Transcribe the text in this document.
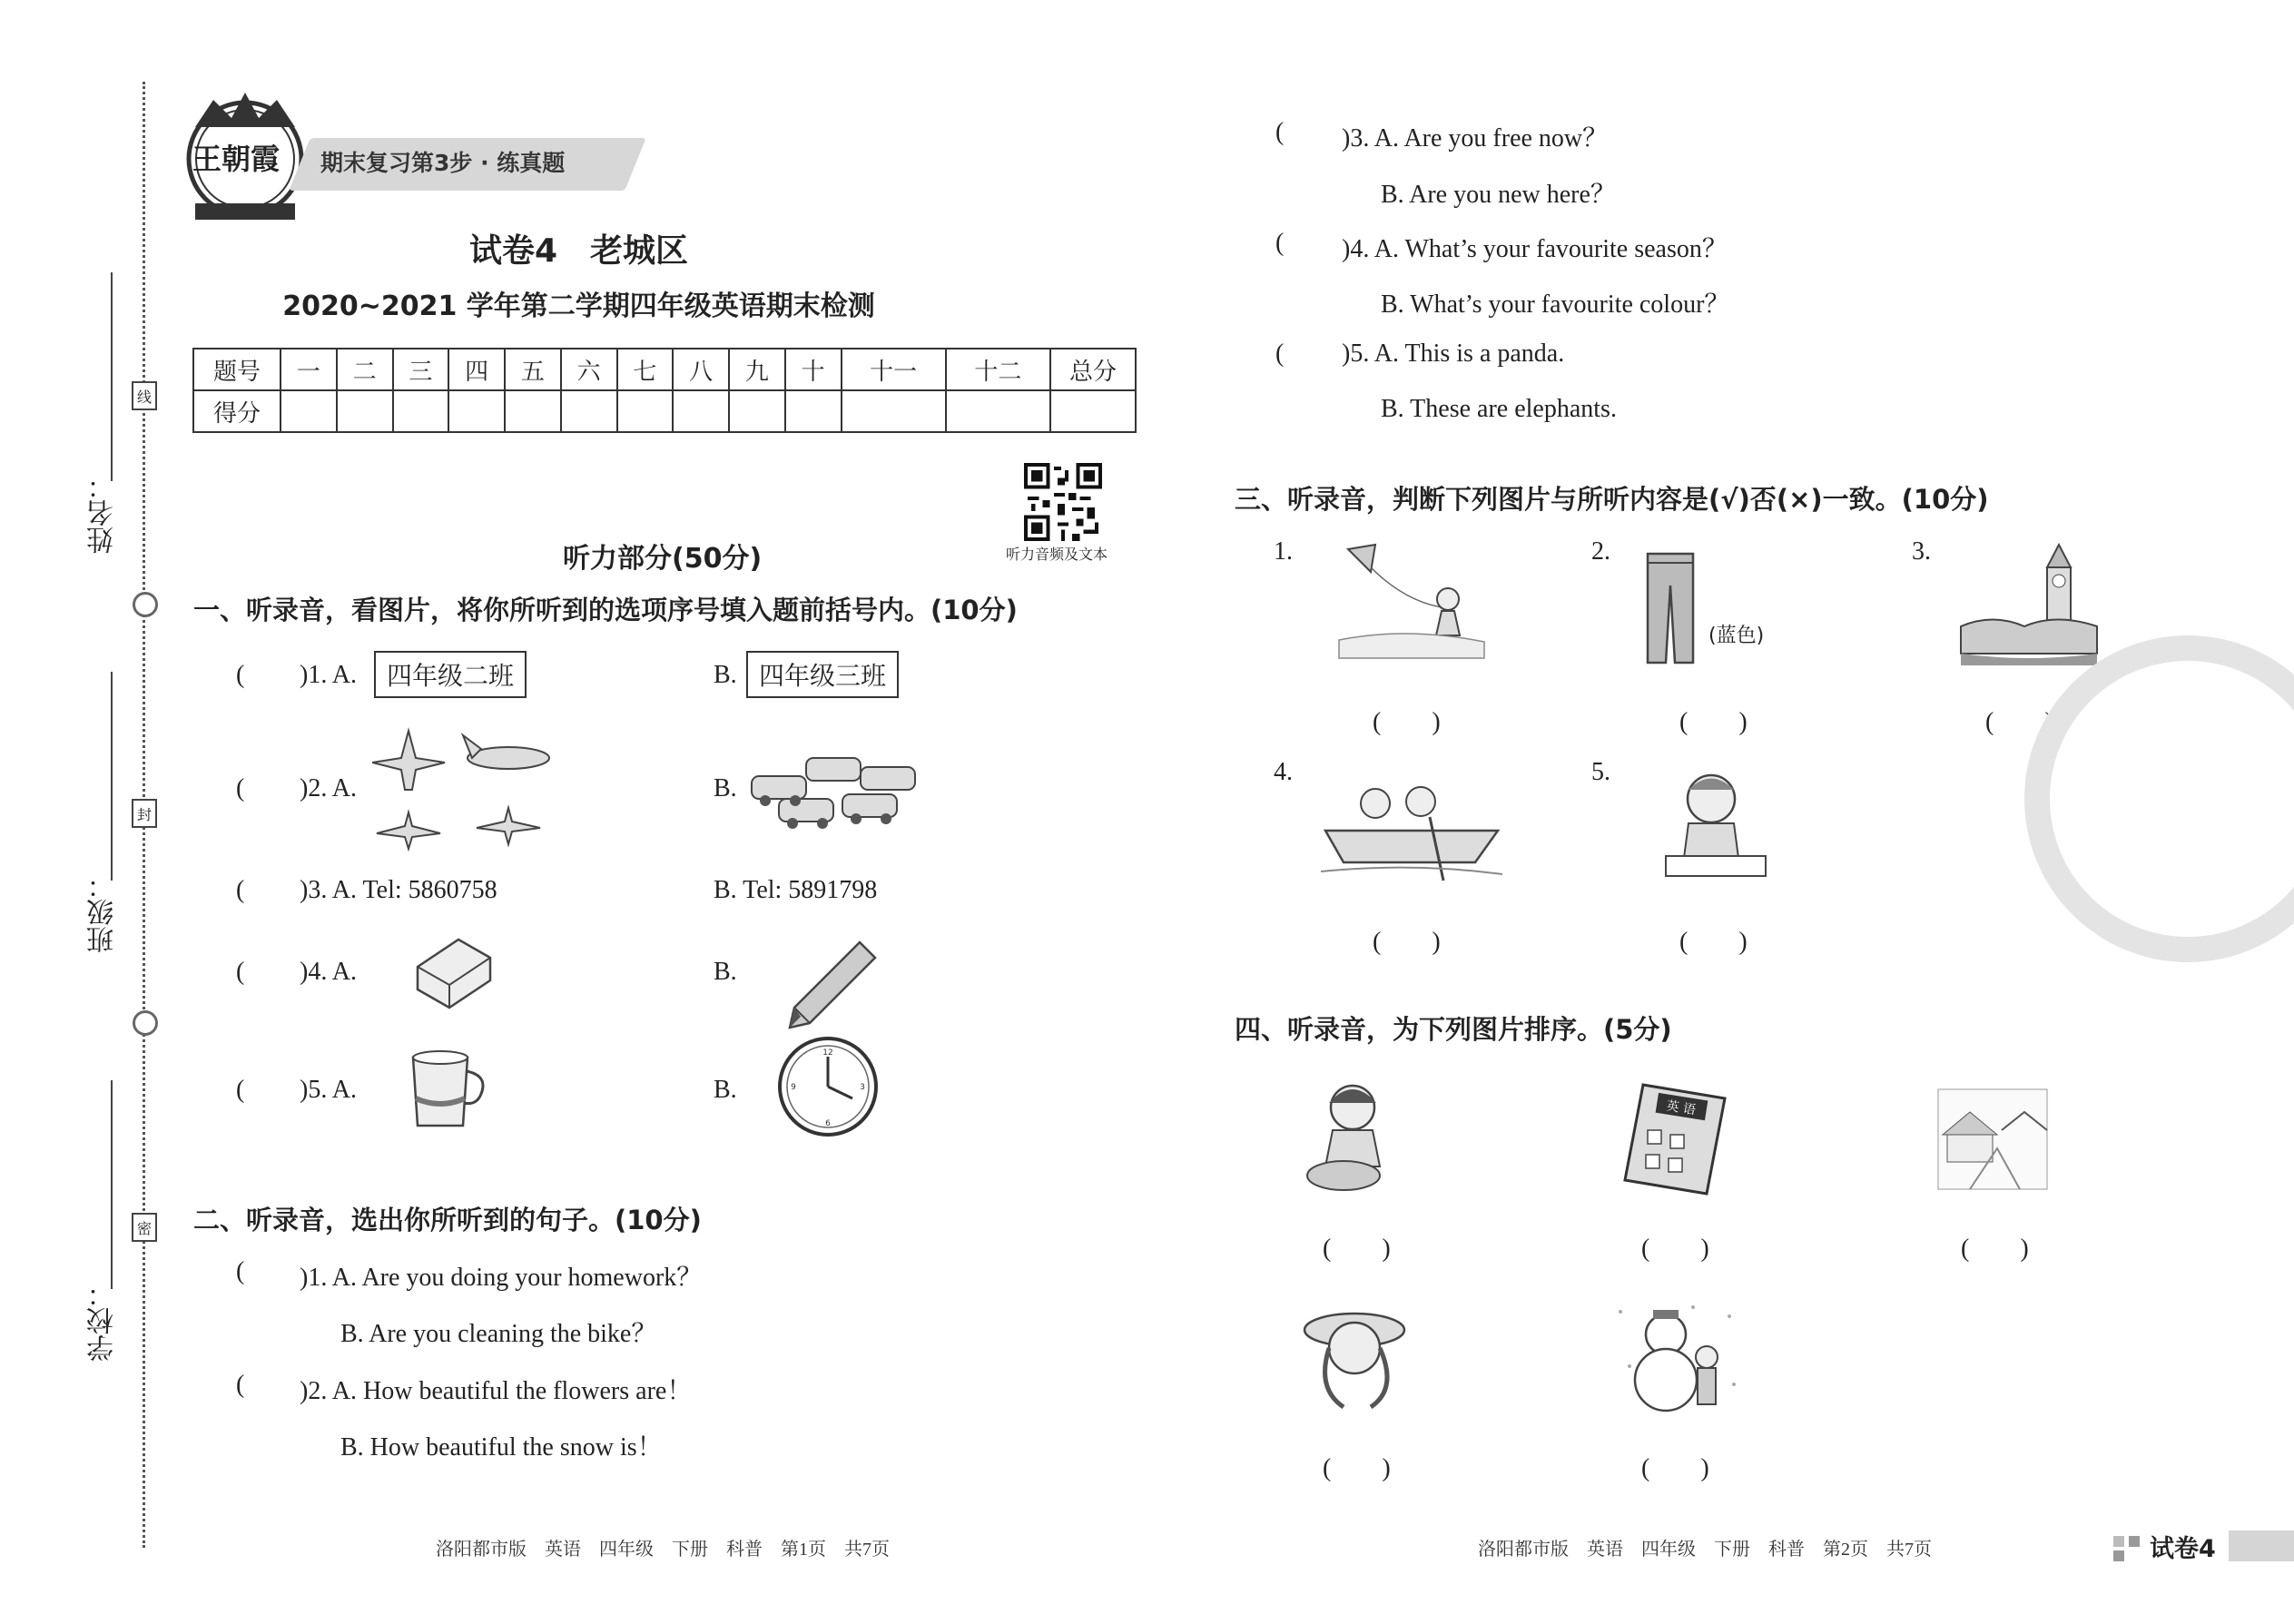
姓名：
班级：
学校：
线
封
密
王朝霞 期末复习第3步 · 练真题
试卷4　老城区
2020~2021 学年第二学期四年级英语期末检测
题号	一	二	三	四	五	六	七	八	九	十	十一	十二	总分
得分													
听力音频及文本
听力部分(50分)
一、听录音，看图片，将你所听到的选项序号填入题前括号内。(10分)
( )1. A.	四年级二班	B. 四年级三班
( )2. A.	B.
( )3. A. Tel: 5860758	B. Tel: 5891798
( )4. A.	B.
( )5. A.	B.
12
3
6
9
二、听录音，选出你所听到的句子。(10分)
( )1. A. Are you doing your homework？
B. Are you cleaning the bike？
( )2. A. How beautiful the flowers are！
B. How beautiful the snow is！
( )3. A. Are you free now？
B. Are you new here？
( )4. A. What’s your favourite season？
B. What’s your favourite colour？
( )5. A. This is a panda.
B. These are elephants.
三、听录音，判断下列图片与所听内容是(√)否(×)一致。(10分)
1.
(　　)
2.
(蓝色)
(　　)
3.
(　　)
4.
(　　)
5.
(　　)
四、听录音，为下列图片排序。(5分)
(　　)
英 语
(　　)	(　　)
(　　)	(　　)
洛阳都市版　英语　四年级　下册　科普　第1页　共7页	洛阳都市版　英语　四年级　下册　科普　第2页　共7页	试卷4
